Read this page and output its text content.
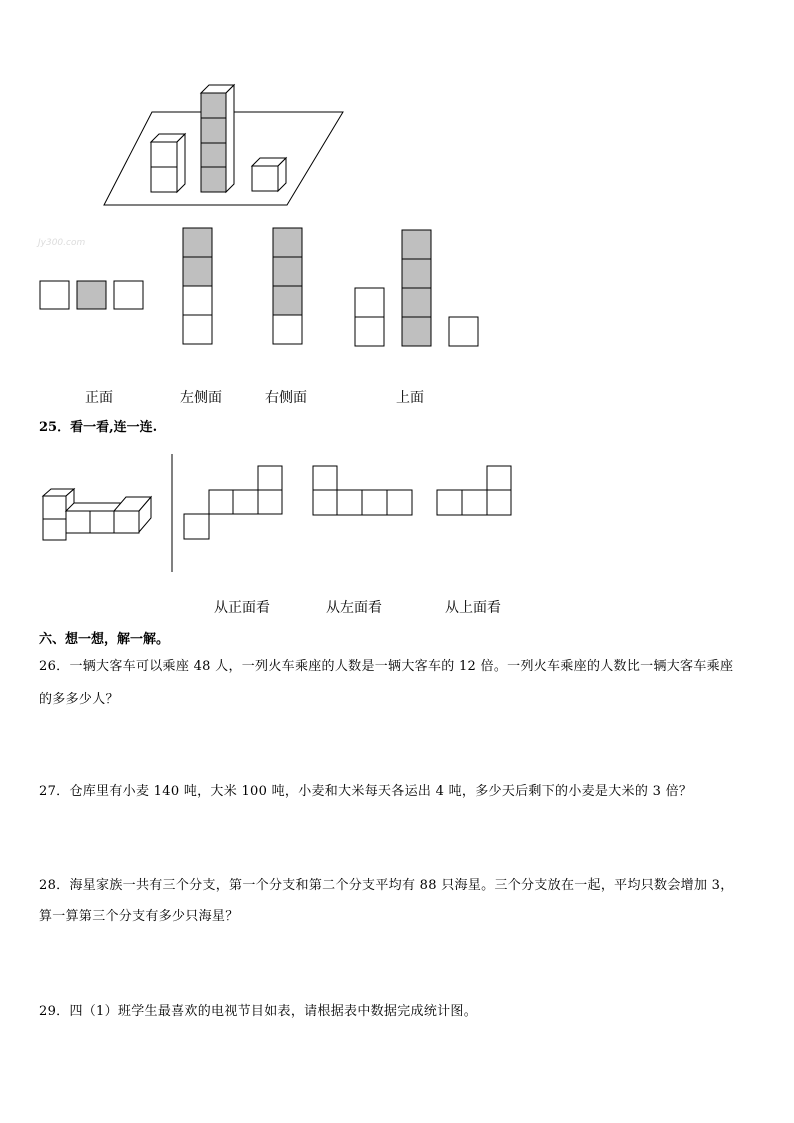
Jy300.com
正面	左侧面	右侧面	上面
25．看一看,连一连.
从正面看	从左面看	从上面看
六、想一想，解一解。
26．一辆大客车可以乘座 48 人，一列火车乘座的人数是一辆大客车的 12 倍。一列火车乘座的人数比一辆大客车乘座
的多多少人？
27．仓库里有小麦 140 吨，大米 100 吨，小麦和大米每天各运出 4 吨，多少天后剩下的小麦是大米的 3 倍？
28．海星家族一共有三个分支，第一个分支和第二个分支平均有 88 只海星。三个分支放在一起，平均只数会增加 3，
算一算第三个分支有多少只海星？
29．四（1）班学生最喜欢的电视节目如表，请根据表中数据完成统计图。
